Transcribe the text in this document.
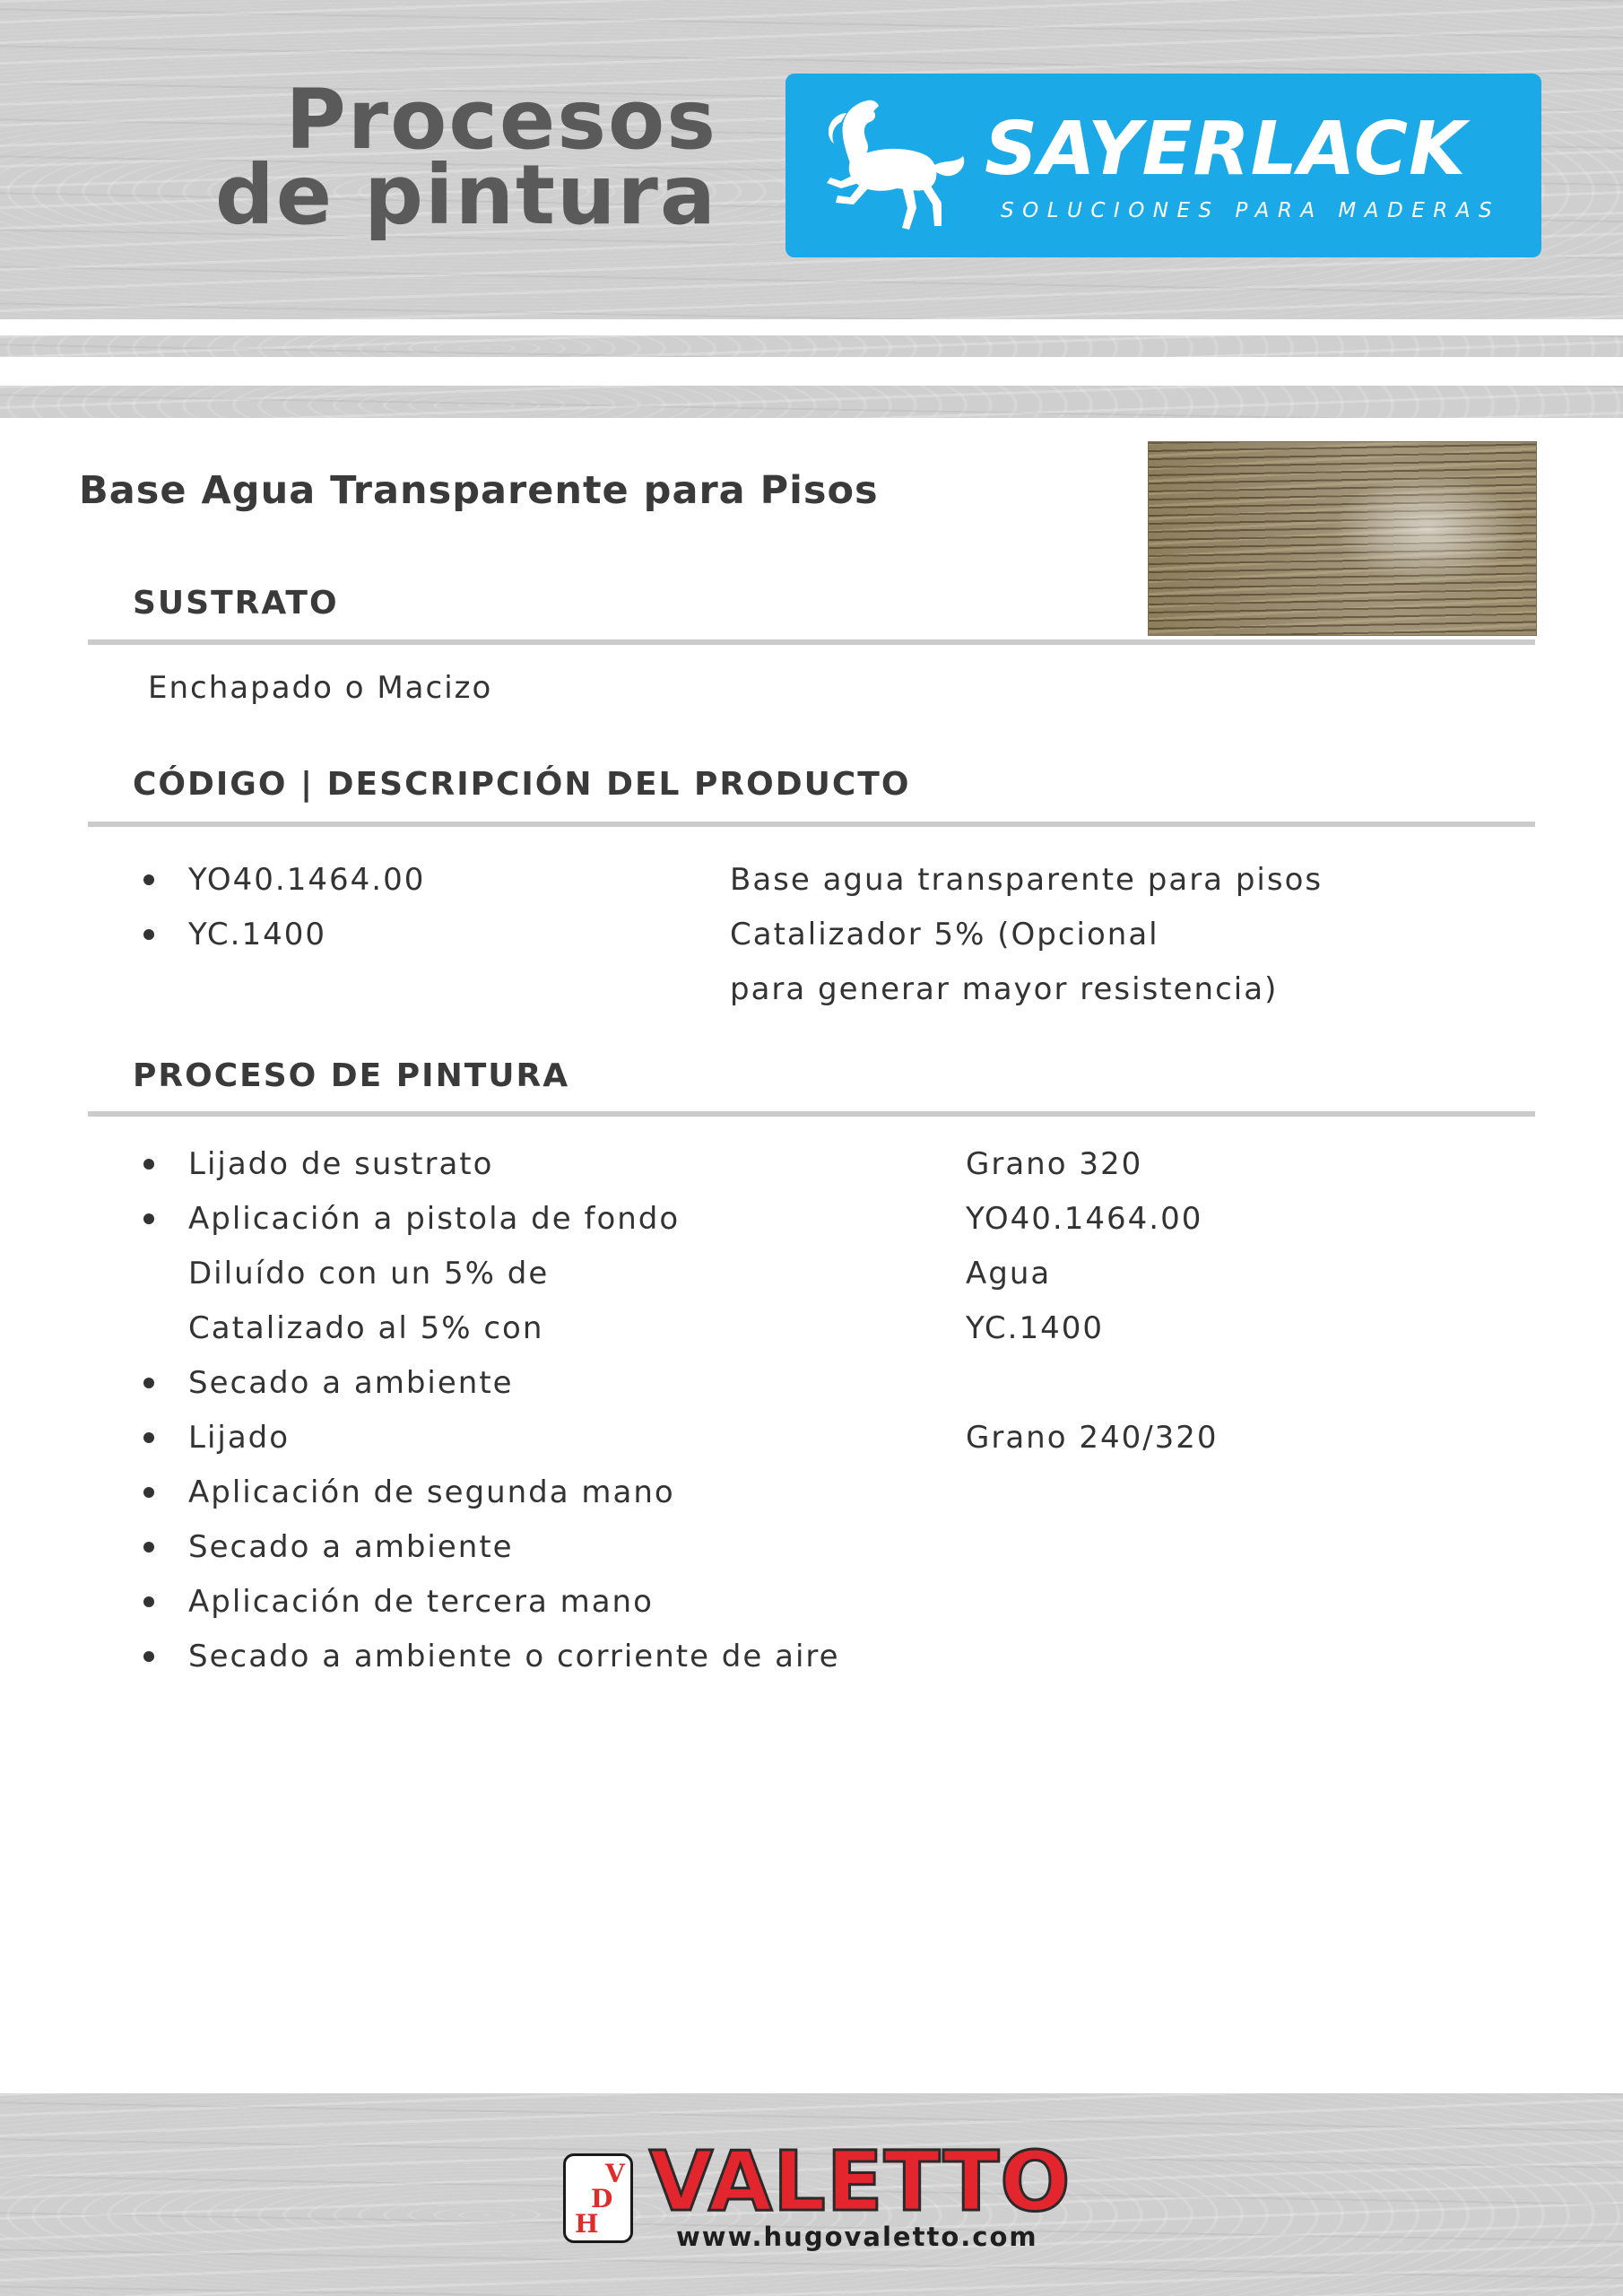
Procesos
de pintura	SAYERLACK
SOLUCIONES PARA MADERAS
Base Agua Transparente para Pisos
SUSTRATO
Enchapado o Macizo
CÓDIGO | DESCRIPCIÓN DEL PRODUCTO
YO40.1464.00	Base agua transparente para pisos
YC.1400	Catalizador 5% (Opcional
para generar mayor resistencia)
PROCESO DE PINTURA
Lijado de sustrato	Grano 320
Aplicación a pistola de fondo	YO40.1464.00
Diluído con un 5% de	Agua
Catalizado al 5% con	YC.1400
Secado a ambiente
Lijado	Grano 240/320
Aplicación de segunda mano
Secado a ambiente
Aplicación de tercera mano
Secado a ambiente o corriente de aire
V
D
H VALETTO
www.hugovaletto.com
